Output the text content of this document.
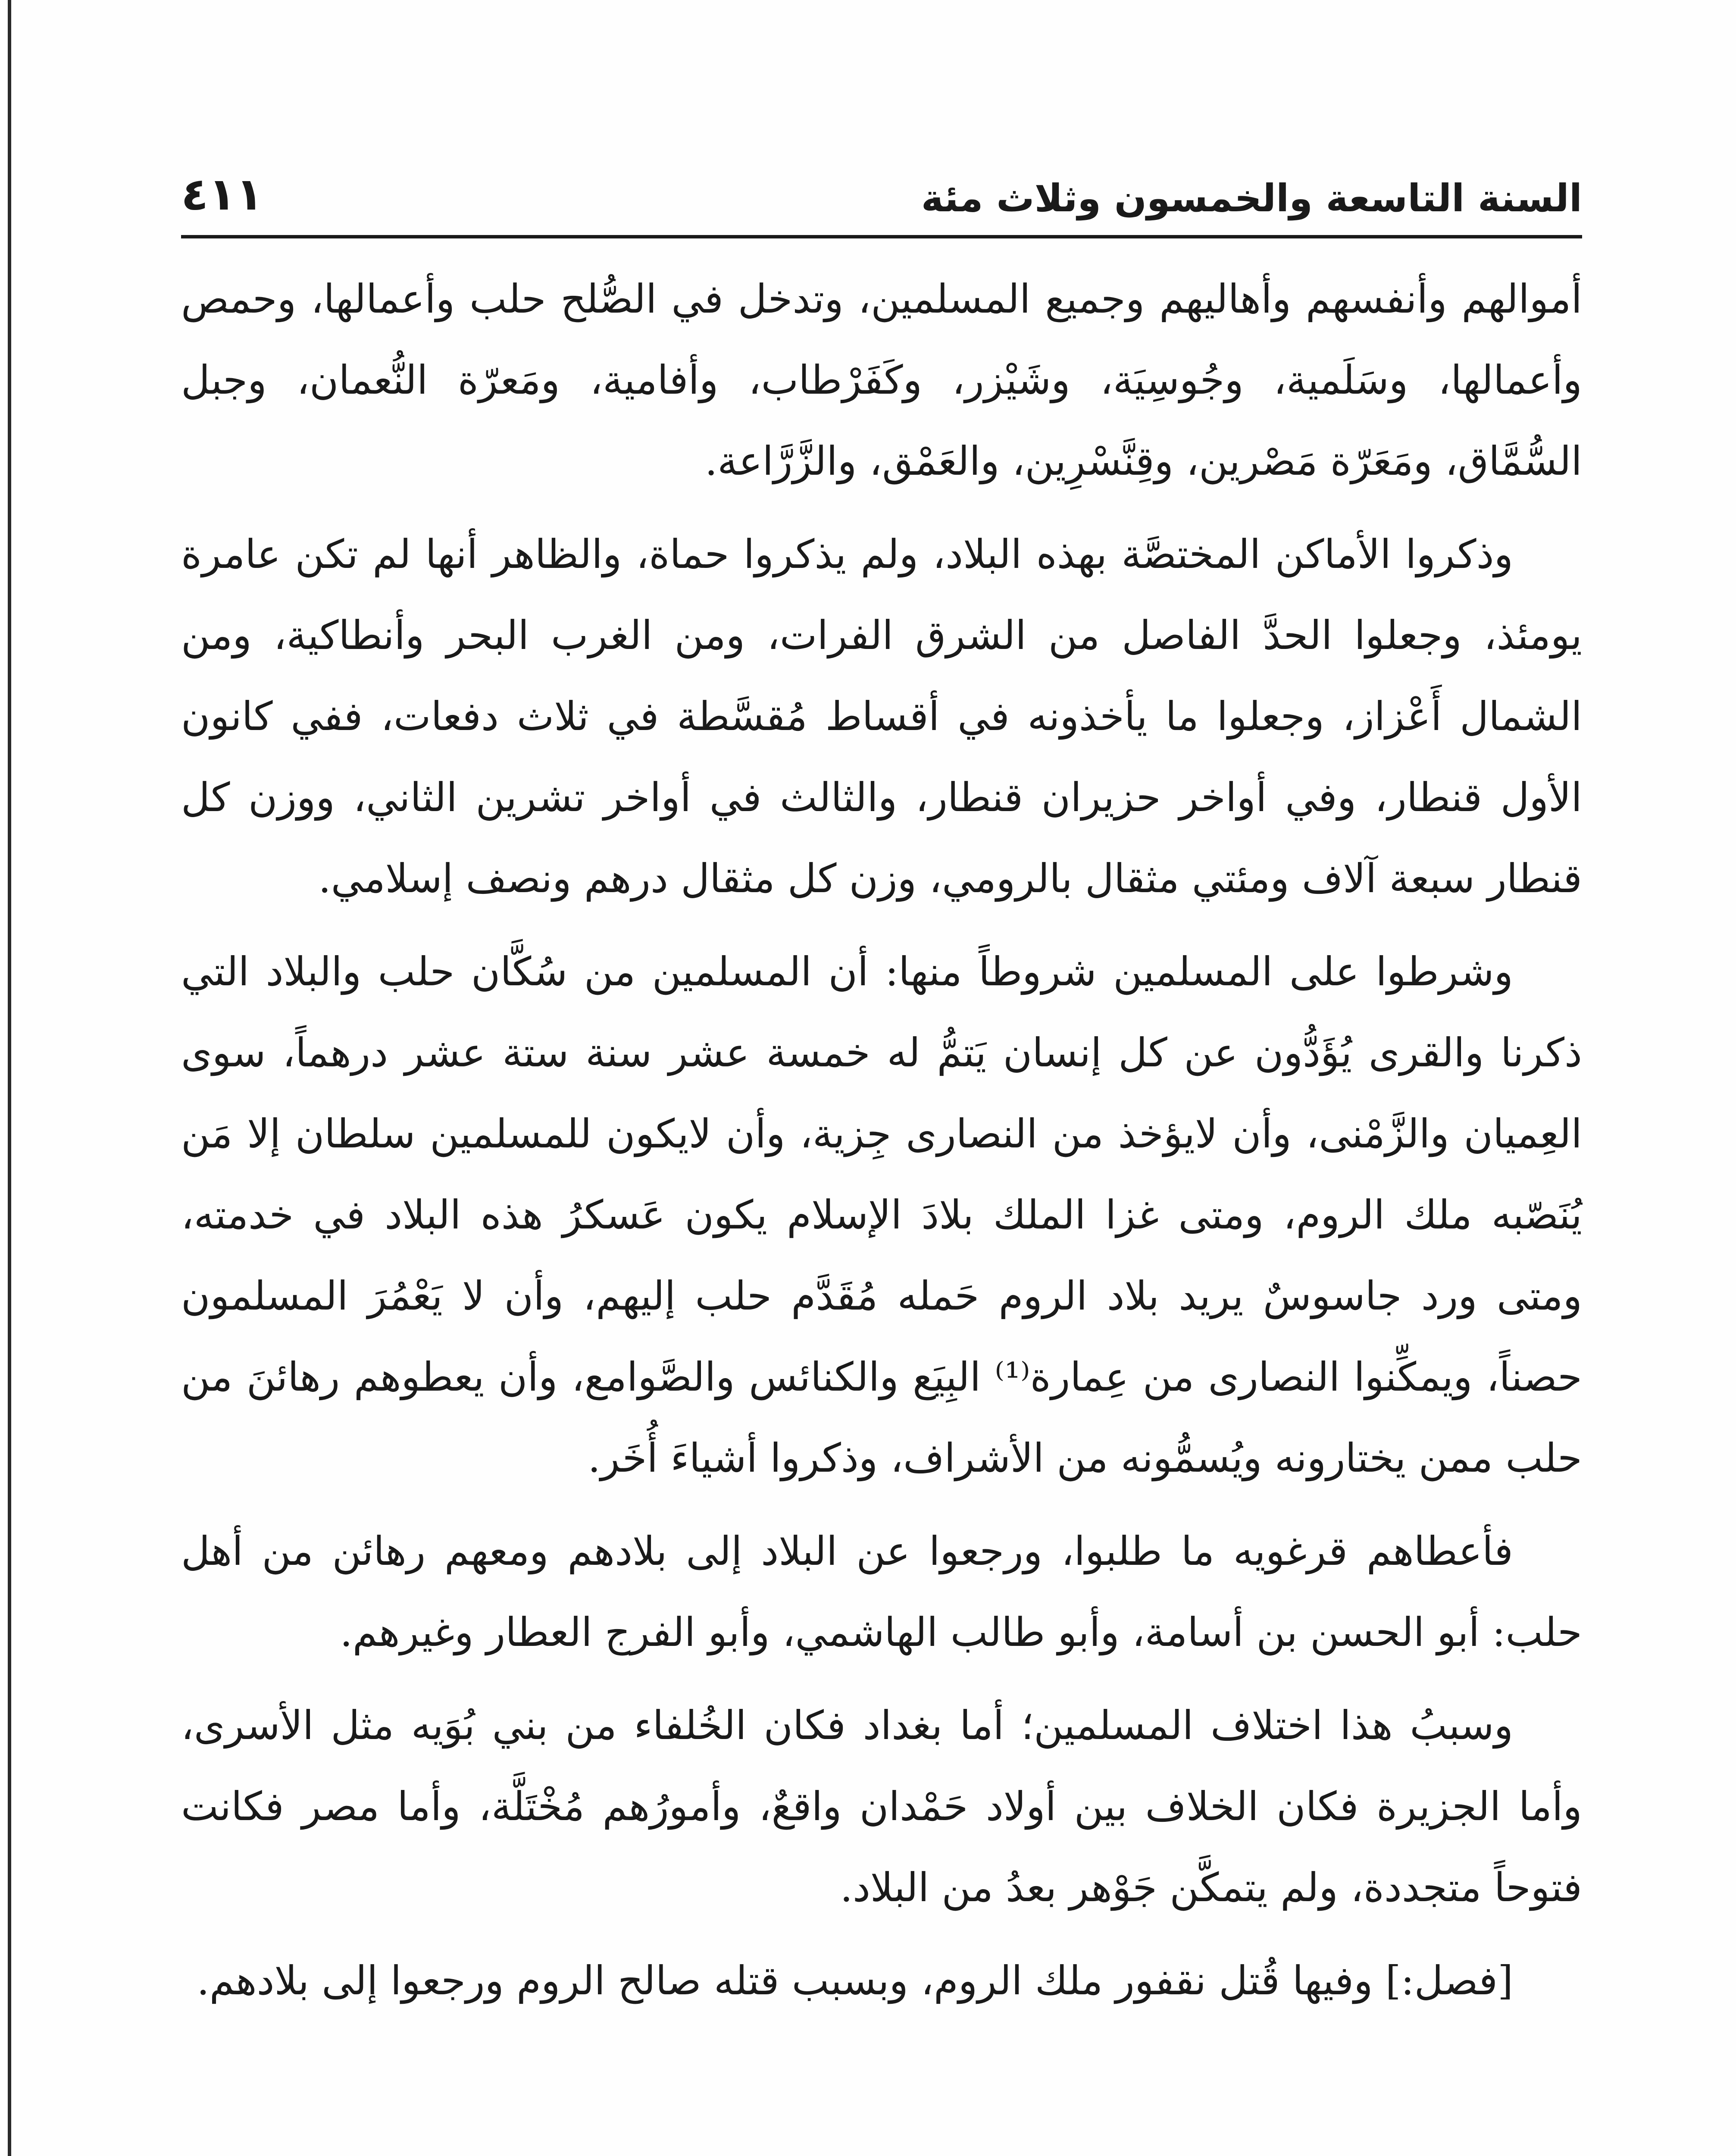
السنة التاسعة والخمسون وثلاث مئة
٤١١

أموالهم وأنفسهم وأهاليهم وجميع المسلمين، وتدخل في الصُّلح حلب وأعمالها، وحمص وأعمالها، وسَلَمية، وجُوسِيَة، وشَيْزر، وكَفَرْطاب، وأفامية، ومَعرّة النُّعمان، وجبل السُّمَّاق، ومَعَرّة مَصْرين، وقِنَّسْرِين، والعَمْق، والزَّرَّاعة.

وذكروا الأماكن المختصَّة بهذه البلاد، ولم يذكروا حماة، والظاهر أنها لم تكن عامرة يومئذ، وجعلوا الحدَّ الفاصل من الشرق الفرات، ومن الغرب البحر وأنطاكية، ومن الشمال أَعْزاز، وجعلوا ما يأخذونه في أقساط مُقسَّطة في ثلاث دفعات، ففي كانون الأول قنطار، وفي أواخر حزيران قنطار، والثالث في أواخر تشرين الثاني، ووزن كل قنطار سبعة آلاف ومئتي مثقال بالرومي، وزن كل مثقال درهم ونصف إسلامي.

وشرطوا على المسلمين شروطاً منها: أن المسلمين من سُكَّان حلب والبلاد التي ذكرنا والقرى يُؤَدُّون عن كل إنسان يَتمُّ له خمسة عشر سنة ستة عشر درهماً، سوى العِميان والزَّمْنى، وأن لايؤخذ من النصارى جِزية، وأن لايكون للمسلمين سلطان إلا مَن يُنَصّبه ملك الروم، ومتى غزا الملك بلادَ الإسلام يكون عَسكرُ هذه البلاد في خدمته، ومتى ورد جاسوسٌ يريد بلاد الروم حَمله مُقَدَّم حلب إليهم، وأن لا يَعْمُرَ المسلمون حصناً، ويمكِّنوا النصارى من عِمارة⁽¹⁾ البِيَع والكنائس والصَّوامع، وأن يعطوهم رهائنَ من حلب ممن يختارونه ويُسمُّونه من الأشراف، وذكروا أشياءَ أُخَر.

فأعطاهم قرغويه ما طلبوا، ورجعوا عن البلاد إلى بلادهم ومعهم رهائن من أهل حلب: أبو الحسن بن أسامة، وأبو طالب الهاشمي، وأبو الفرج العطار وغيرهم.

وسببُ هذا اختلاف المسلمين؛ أما بغداد فكان الخُلفاء من بني بُوَيه مثل الأسرى، وأما الجزيرة فكان الخلاف بين أولاد حَمْدان واقعٌ، وأمورُهم مُخْتَلَّة، وأما مصر فكانت فتوحاً متجددة، ولم يتمكَّن جَوْهر بعدُ من البلاد.

[فصل:] وفيها قُتل نقفور ملك الروم، وبسبب قتله صالح الروم ورجعوا إلى بلادهم.
